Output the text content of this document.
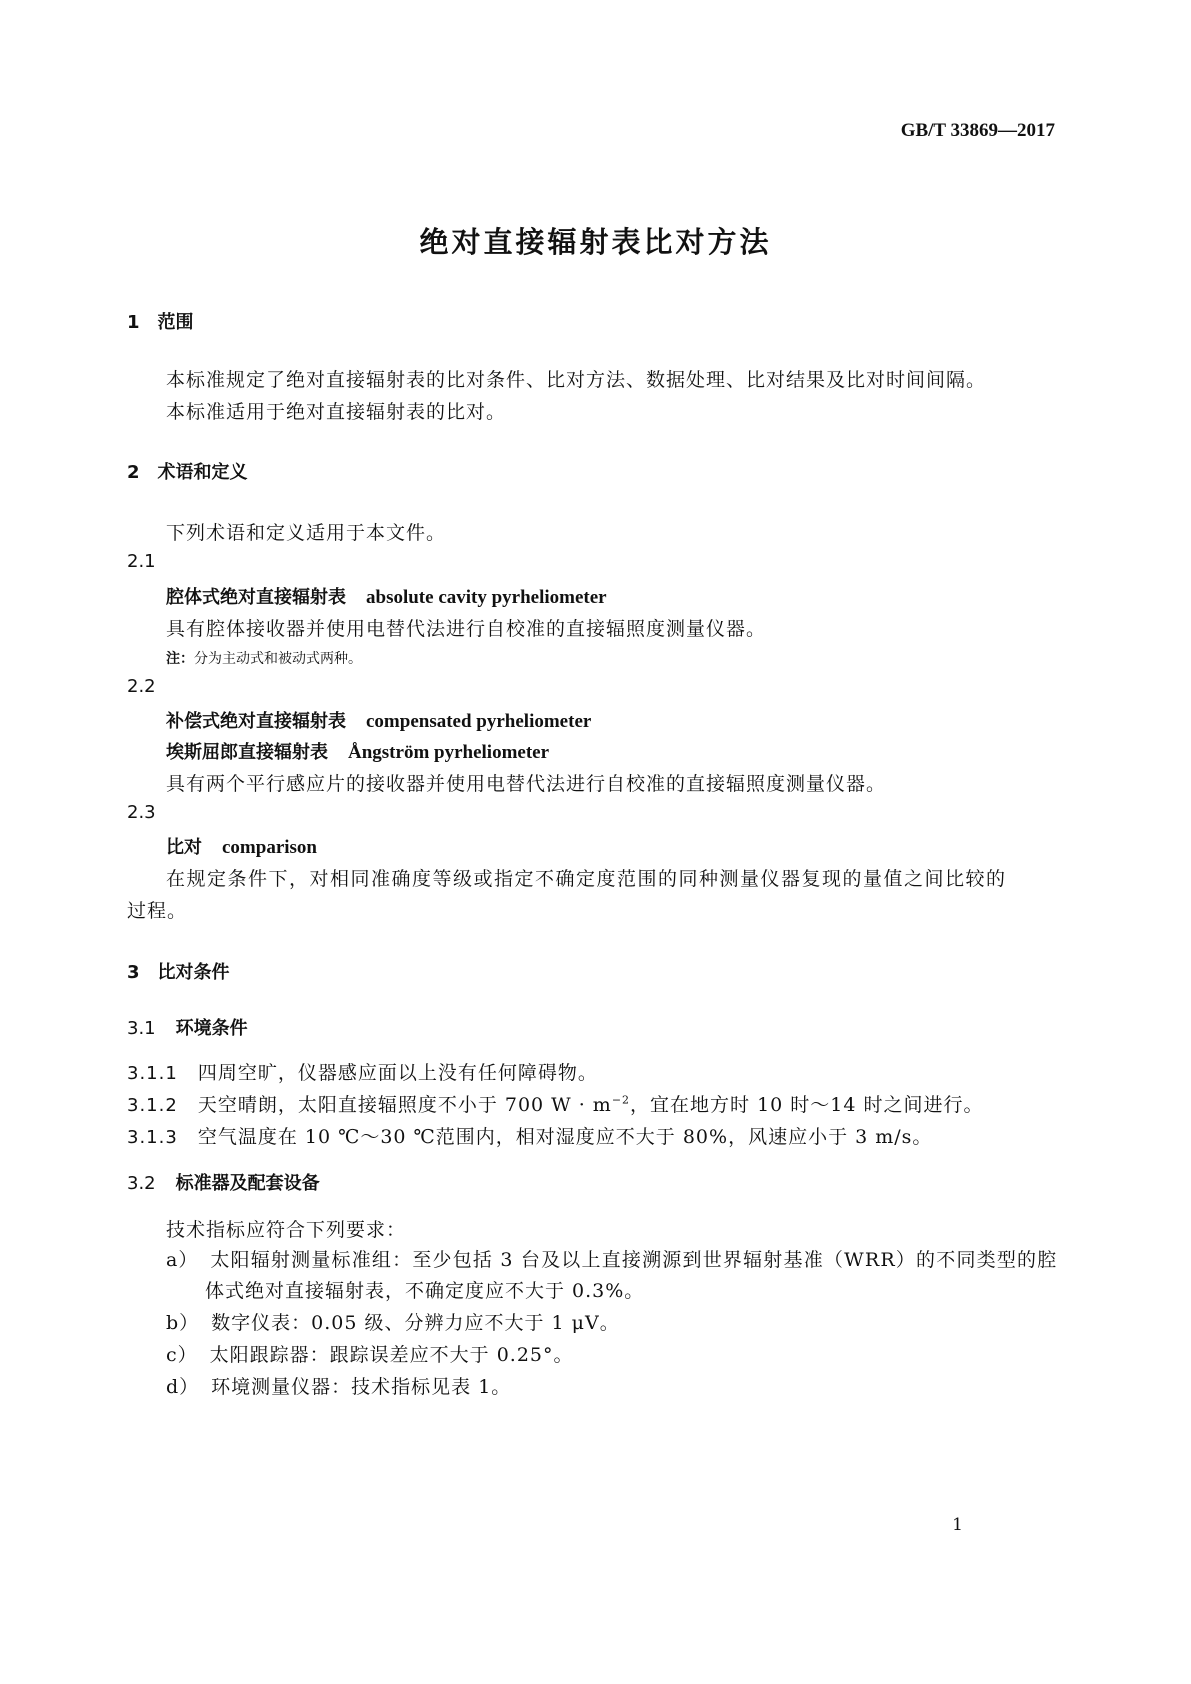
GB/T 33869—2017
绝对直接辐射表比对方法
1 范围
本标准规定了绝对直接辐射表的比对条件、比对方法、数据处理、比对结果及比对时间间隔。
本标准适用于绝对直接辐射表的比对。
2 术语和定义
下列术语和定义适用于本文件。
2.1
腔体式绝对直接辐射表 absolute cavity pyrheliometer
具有腔体接收器并使用电替代法进行自校准的直接辐照度测量仪器。
注：分为主动式和被动式两种。
2.2
补偿式绝对直接辐射表 compensated pyrheliometer
埃斯屈郎直接辐射表 Ångström pyrheliometer
具有两个平行感应片的接收器并使用电替代法进行自校准的直接辐照度测量仪器。
2.3
比对 comparison
在规定条件下，对相同准确度等级或指定不确定度范围的同种测量仪器复现的量值之间比较的
过程。
3 比对条件
3.1 环境条件
3.1.1 四周空旷，仪器感应面以上没有任何障碍物。
3.1.2 天空晴朗，太阳直接辐照度不小于 700 $W \cdot m^{-2}$，宜在地方时 10 时～14 时之间进行。
3.1.3 空气温度在 10 ℃～30 ℃范围内，相对湿度应不大于 80%，风速应小于 3 m/s。
3.2 标准器及配套设备
技术指标应符合下列要求：
a） 太阳辐射测量标准组：至少包括 3 台及以上直接溯源到世界辐射基准（WRR）的不同类型的腔
体式绝对直接辐射表，不确定度应不大于 0.3%。
b） 数字仪表：0.05 级、分辨力应不大于 1 μV。
c） 太阳跟踪器：跟踪误差应不大于 0.25°。
d） 环境测量仪器：技术指标见表 1。
1
